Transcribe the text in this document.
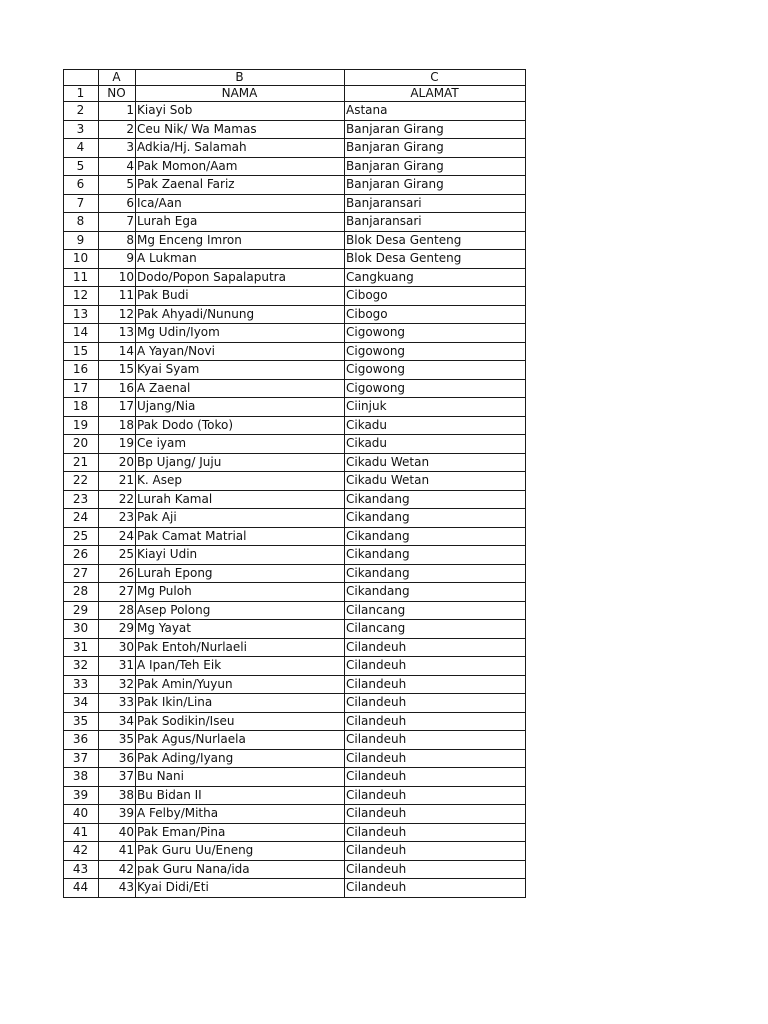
	A	B	C
1	NO	NAMA	ALAMAT
2	1	Kiayi Sob	Astana
3	2	Ceu Nik/ Wa Mamas	Banjaran Girang
4	3	Adkia/Hj. Salamah	Banjaran Girang
5	4	Pak Momon/Aam	Banjaran Girang
6	5	Pak Zaenal Fariz	Banjaran Girang
7	6	Ica/Aan	Banjaransari
8	7	Lurah Ega	Banjaransari
9	8	Mg Enceng Imron	Blok Desa Genteng
10	9	A Lukman	Blok Desa Genteng
11	10	Dodo/Popon Sapalaputra	Cangkuang
12	11	Pak Budi	Cibogo
13	12	Pak Ahyadi/Nunung	Cibogo
14	13	Mg Udin/Iyom	Cigowong
15	14	A Yayan/Novi	Cigowong
16	15	Kyai Syam	Cigowong
17	16	A Zaenal	Cigowong
18	17	Ujang/Nia	Ciinjuk
19	18	Pak Dodo (Toko)	Cikadu
20	19	Ce iyam	Cikadu
21	20	Bp Ujang/ Juju	Cikadu Wetan
22	21	K. Asep	Cikadu Wetan
23	22	Lurah Kamal	Cikandang
24	23	Pak Aji	Cikandang
25	24	Pak Camat Matrial	Cikandang
26	25	Kiayi Udin	Cikandang
27	26	Lurah Epong	Cikandang
28	27	Mg Puloh	Cikandang
29	28	Asep Polong	Cilancang
30	29	Mg Yayat	Cilancang
31	30	Pak Entoh/Nurlaeli	Cilandeuh
32	31	A Ipan/Teh Eik	Cilandeuh
33	32	Pak Amin/Yuyun	Cilandeuh
34	33	Pak Ikin/Lina	Cilandeuh
35	34	Pak Sodikin/Iseu	Cilandeuh
36	35	Pak Agus/Nurlaela	Cilandeuh
37	36	Pak Ading/Iyang	Cilandeuh
38	37	Bu Nani	Cilandeuh
39	38	Bu Bidan II	Cilandeuh
40	39	A Felby/Mitha	Cilandeuh
41	40	Pak Eman/Pina	Cilandeuh
42	41	Pak Guru Uu/Eneng	Cilandeuh
43	42	pak Guru Nana/ida	Cilandeuh
44	43	Kyai Didi/Eti	Cilandeuh
